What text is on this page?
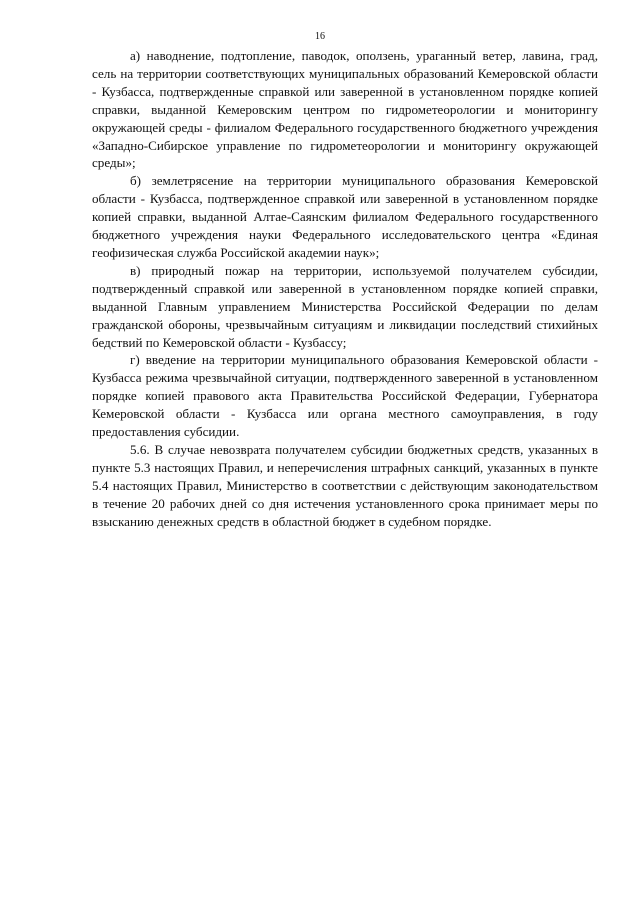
16

а) наводнение, подтопление, паводок, оползень, ураганный ветер, лавина, град, сель на территории соответствующих муниципальных образований Кемеровской области - Кузбасса, подтвержденные справкой или заверенной в установленном порядке копией справки, выданной Кемеровским центром по гидрометеорологии и мониторингу окружающей среды - филиалом Федерального государственного бюджетного учреждения «Западно-Сибирское управление по гидрометеорологии и мониторингу окружающей среды»;

б) землетрясение на территории муниципального образования Кемеровской области - Кузбасса, подтвержденное справкой или заверенной в установленном порядке копией справки, выданной Алтае-Саянским филиалом Федерального государственного бюджетного учреждения науки Федерального исследовательского центра «Единая геофизическая служба Российской академии наук»;

в) природный пожар на территории, используемой получателем субсидии, подтвержденный справкой или заверенной в установленном порядке копией справки, выданной Главным управлением Министерства Российской Федерации по делам гражданской обороны, чрезвычайным ситуациям и ликвидации последствий стихийных бедствий по Кемеровской области - Кузбассу;

г) введение на территории муниципального образования Кемеровской области - Кузбасса режима чрезвычайной ситуации, подтвержденного заверенной в установленном порядке копией правового акта Правительства Российской Федерации, Губернатора Кемеровской области - Кузбасса или органа местного самоуправления, в году предоставления субсидии.

5.6. В случае невозврата получателем субсидии бюджетных средств, указанных в пункте 5.3 настоящих Правил, и неперечисления штрафных санкций, указанных в пункте 5.4 настоящих Правил, Министерство в соответствии с действующим законодательством в течение 20 рабочих дней со дня истечения установленного срока принимает меры по взысканию денежных средств в областной бюджет в судебном порядке.
